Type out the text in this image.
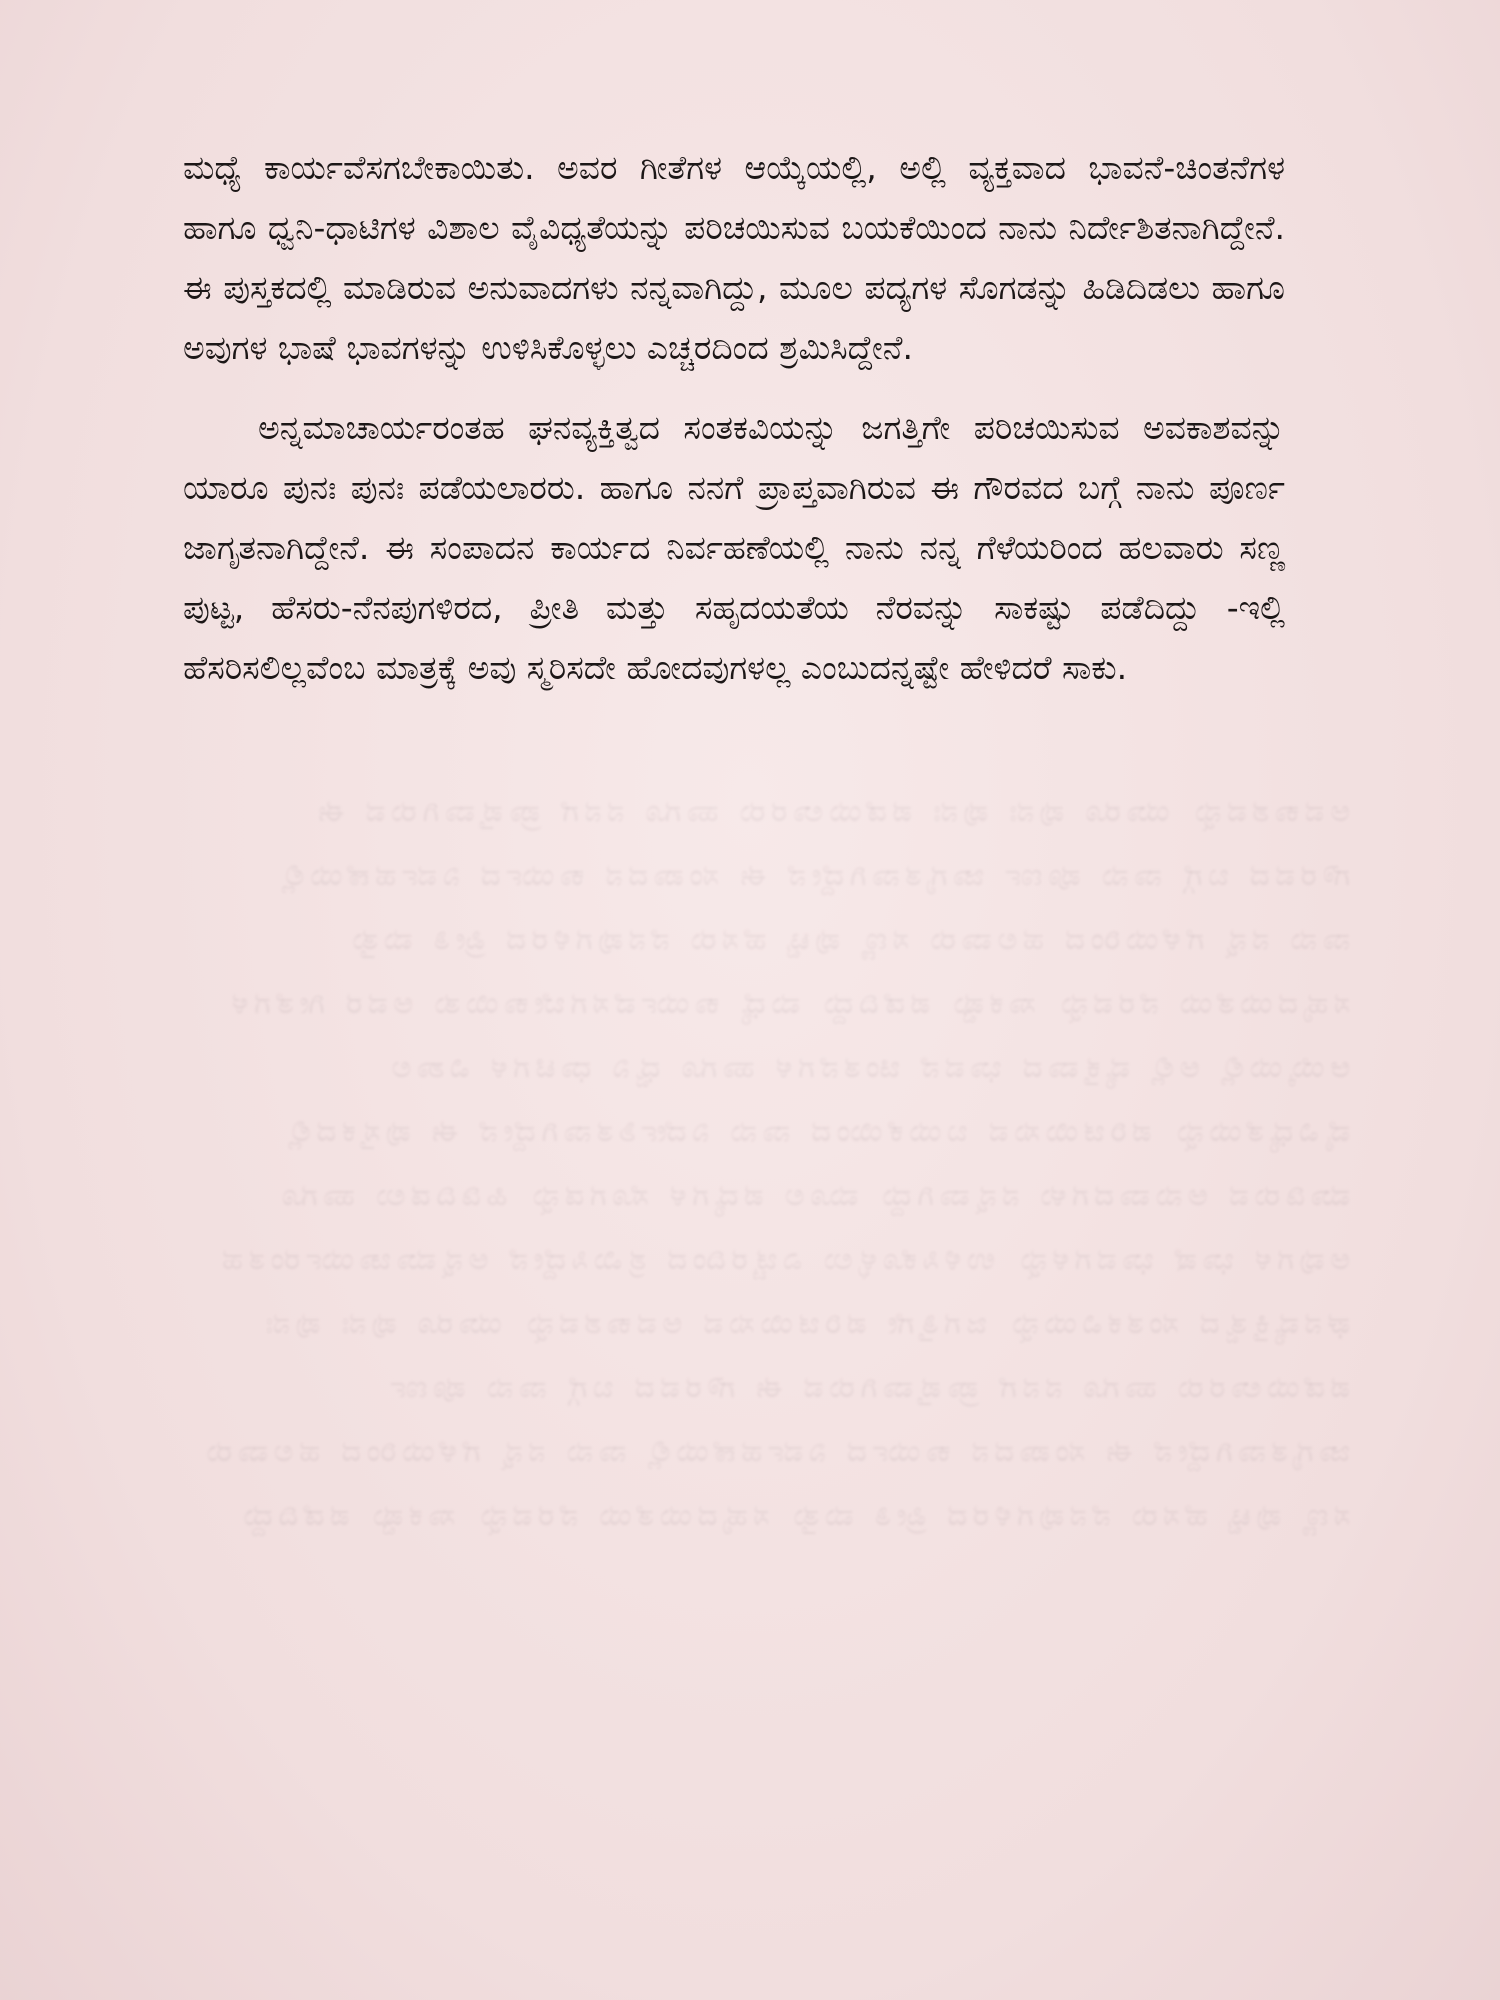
ಅವಕಾಶವನ್ನು ಯಾರೂ ಪುನಃ ಪುನಃ ಪಡೆಯಲಾರರು ಹಾಗೂ ನನಗೆ ಪ್ರಾಪ್ತವಾಗಿರುವ ಈ ಗೌರವದ ಬಗ್ಗೆ ನಾನು ಪೂರ್ಣ ಜಾಗೃತನಾಗಿದ್ದೇನೆ ಈ ಸಂಪಾದನ ಕಾರ್ಯದ ನಿರ್ವಹಣೆಯಲ್ಲಿ ನಾನು ನನ್ನ ಗೆಳೆಯರಿಂದ ಹಲವಾರು ಸಣ್ಣ ಪುಟ್ಟ ಹೆಸರು ನೆನಪುಗಳಿರದ ಪ್ರೀತಿ ಮತ್ತು ಸಹೃದಯತೆಯ ನೆರವನ್ನು ಸಾಕಷ್ಟು ಪಡೆದಿದ್ದು ಮಧ್ಯೆ ಕಾರ್ಯವೆಸಗಬೇಕಾಯಿತು ಅವರ ಗೀತೆಗಳ ಆಯ್ಕೆಯಲ್ಲಿ ಅಲ್ಲಿ ವ್ಯಕ್ತವಾದ ಭಾವನೆ ಚಿಂತನೆಗಳ ಹಾಗೂ ಧ್ವನಿ ಧಾಟಿಗಳ ವಿಶಾಲ ವೈವಿಧ್ಯತೆಯನ್ನು ಪರಿಚಯಿಸುವ ಬಯಕೆಯಿಂದ ನಾನು ನಿರ್ದೇಶಿತನಾಗಿದ್ದೇನೆ ಈ ಪುಸ್ತಕದಲ್ಲಿ ಮಾಡಿರುವ ಅನುವಾದಗಳು ನನ್ನವಾಗಿದ್ದು ಮೂಲ ಪದ್ಯಗಳ ಸೊಗಡನ್ನು ಹಿಡಿದಿಡಲು ಹಾಗೂ ಅವುಗಳ ಭಾಷೆ ಭಾವಗಳನ್ನು ಉಳಿಸಿಕೊಳ್ಳಲು ಎಚ್ಚರದಿಂದ ಶ್ರಮಿಸಿದ್ದೇನೆ ಅನ್ನಮಾಚಾರ್ಯರಂತಹ ಘನವ್ಯಕ್ತಿತ್ವದ ಸಂತಕವಿಯನ್ನು ಜಗತ್ತಿಗೇ ಪರಿಚಯಿಸುವ ಅವಕಾಶವನ್ನು ಯಾರೂ ಪುನಃ ಪುನಃ ಪಡೆಯಲಾರರು ಹಾಗೂ ನನಗೆ ಪ್ರಾಪ್ತವಾಗಿರುವ ಈ ಗೌರವದ ಬಗ್ಗೆ ನಾನು ಪೂರ್ಣ ಜಾಗೃತನಾಗಿದ್ದೇನೆ ಈ ಸಂಪಾದನ ಕಾರ್ಯದ ನಿರ್ವಹಣೆಯಲ್ಲಿ ನಾನು ನನ್ನ ಗೆಳೆಯರಿಂದ ಹಲವಾರು ಸಣ್ಣ ಪುಟ್ಟ ಹೆಸರು ನೆನಪುಗಳಿರದ ಪ್ರೀತಿ ಮತ್ತು ಸಹೃದಯತೆಯ ನೆರವನ್ನು ಸಾಕಷ್ಟು ಪಡೆದಿದ್ದು

ಮಧ್ಯೆ ಕಾರ್ಯವೆಸಗಬೇಕಾಯಿತು. ಅವರ ಗೀತೆಗಳ ಆಯ್ಕೆಯಲ್ಲಿ, ಅಲ್ಲಿ ವ್ಯಕ್ತವಾದ ಭಾವನೆ-ಚಿಂತನೆಗಳ ಹಾಗೂ ಧ್ವನಿ-ಧಾಟಿಗಳ ವಿಶಾಲ ವೈವಿಧ್ಯತೆಯನ್ನು ಪರಿಚಯಿಸುವ ಬಯಕೆಯಿಂದ ನಾನು ನಿರ್ದೇಶಿತನಾಗಿದ್ದೇನೆ. ಈ ಪುಸ್ತಕದಲ್ಲಿ ಮಾಡಿರುವ ಅನುವಾದಗಳು ನನ್ನವಾಗಿದ್ದು, ಮೂಲ ಪದ್ಯಗಳ ಸೊಗಡನ್ನು ಹಿಡಿದಿಡಲು ಹಾಗೂ ಅವುಗಳ ಭಾಷೆ ಭಾವಗಳನ್ನು ಉಳಿಸಿಕೊಳ್ಳಲು ಎಚ್ಚರದಿಂದ ಶ್ರಮಿಸಿದ್ದೇನೆ.

ಅನ್ನಮಾಚಾರ್ಯರಂತಹ ಘನವ್ಯಕ್ತಿತ್ವದ ಸಂತಕವಿಯನ್ನು ಜಗತ್ತಿಗೇ ಪರಿಚಯಿಸುವ ಅವಕಾಶವನ್ನು ಯಾರೂ ಪುನಃ ಪುನಃ ಪಡೆಯಲಾರರು. ಹಾಗೂ ನನಗೆ ಪ್ರಾಪ್ತವಾಗಿರುವ ಈ ಗೌರವದ ಬಗ್ಗೆ ನಾನು ಪೂರ್ಣ ಜಾಗೃತನಾಗಿದ್ದೇನೆ. ಈ ಸಂಪಾದನ ಕಾರ್ಯದ ನಿರ್ವಹಣೆಯಲ್ಲಿ ನಾನು ನನ್ನ ಗೆಳೆಯರಿಂದ ಹಲವಾರು ಸಣ್ಣ ಪುಟ್ಟ, ಹೆಸರು-ನೆನಪುಗಳಿರದ, ಪ್ರೀತಿ ಮತ್ತು ಸಹೃದಯತೆಯ ನೆರವನ್ನು ಸಾಕಷ್ಟು ಪಡೆದಿದ್ದು -ಇಲ್ಲಿ ಹೆಸರಿಸಲಿಲ್ಲವೆಂಬ ಮಾತ್ರಕ್ಕೆ ಅವು ಸ್ಮರಿಸದೇ ಹೋದವುಗಳಲ್ಲ ಎಂಬುದನ್ನಷ್ಟೇ ಹೇಳಿದರೆ ಸಾಕು.
